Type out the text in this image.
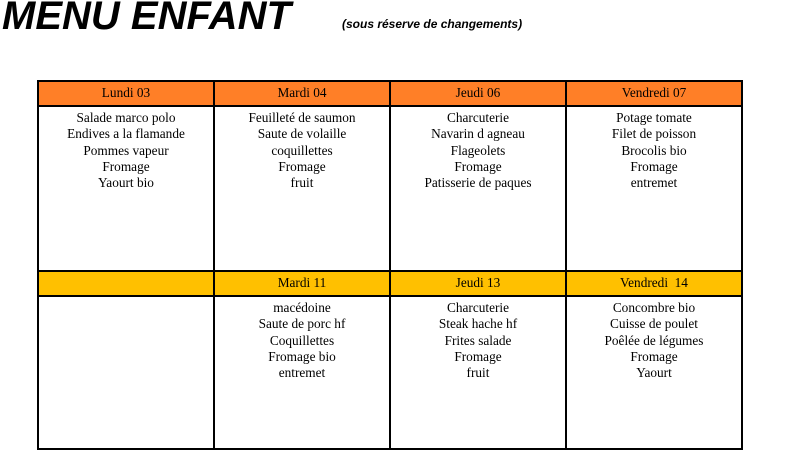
MENU ENFANT	(sous réserve de changements)
Lundi 03	Mardi 04	Jeudi 06	Vendredi 07

Salade marco polo
Endives a la flamande
Pommes vapeur
Fromage
Yaourt bio	Feuilleté de saumon
Saute de volaille
coquillettes
Fromage
fruit	Charcuterie
Navarin d agneau
Flageolets
Fromage
Patisserie de paques	Potage tomate
Filet de poisson
Brocolis bio
Fromage
entremet

	Mardi 11	Jeudi 13	Vendredi  14

	macédoine
Saute de porc hf
Coquillettes
Fromage bio
entremet	Charcuterie
Steak hache hf
Frites salade
Fromage
fruit	Concombre bio
Cuisse de poulet
Poêlée de légumes
Fromage
Yaourt
